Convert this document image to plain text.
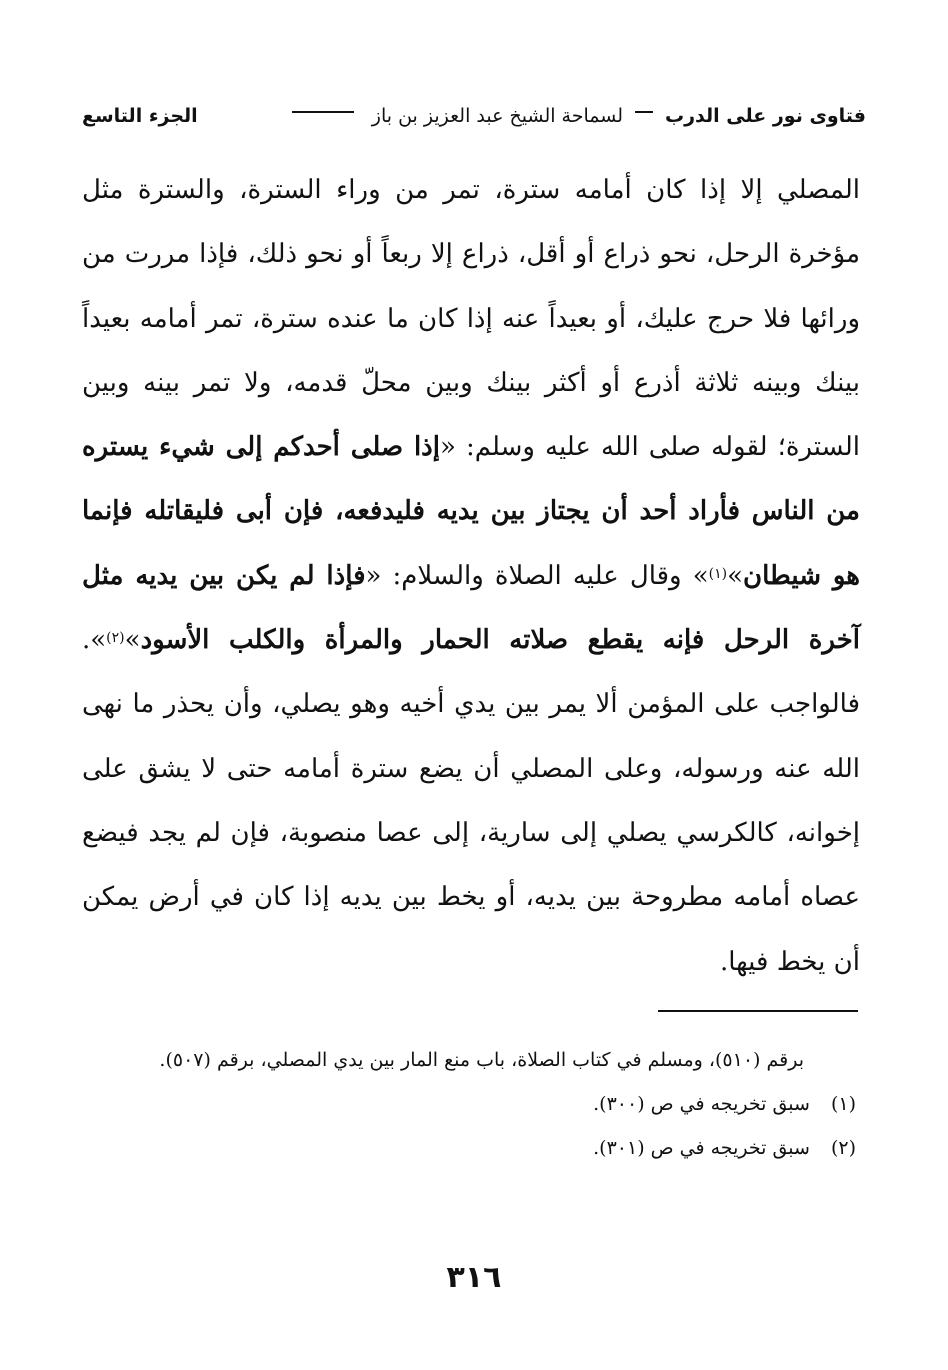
فتاوى نور على الدرب
لسماحة الشيخ عبد العزيز بن باز
الجزء التاسع
المصلي إلا إذا كان أمامه سترة، تمر من وراء السترة، والسترة مثل مؤخرة الرحل، نحو ذراع أو أقل، ذراع إلا ربعاً أو نحو ذلك، فإذا مررت من ورائها فلا حرج عليك، أو بعيداً عنه إذا كان ما عنده سترة، تمر أمامه بعيداً بينك وبينه ثلاثة أذرع أو أكثر بينك وبين محلّ قدمه، ولا تمر بينه وبين السترة؛ لقوله صلى الله عليه وسلم: «إذا صلى أحدكم إلى شيء يستره من الناس فأراد أحد أن يجتاز بين يديه فليدفعه، فإن أبى فليقاتله فإنما هو شيطان»$^{(١)}$» وقال عليه الصلاة والسلام: «فإذا لم يكن بين يديه مثل آخرة الرحل فإنه يقطع صلاته الحمار والمرأة والكلب الأسود»$^{(٢)}$». فالواجب على المؤمن ألا يمر بين يدي أخيه وهو يصلي، وأن يحذر ما نهى الله عنه ورسوله، وعلى المصلي أن يضع سترة أمامه حتى لا يشق على إخوانه، كالكرسي يصلي إلى سارية، إلى عصا منصوبة، فإن لم يجد فيضع عصاه أمامه مطروحة بين يديه، أو يخط بين يديه إذا كان في أرض يمكن أن يخط فيها.

برقم (٥١٠)، ومسلم في كتاب الصلاة، باب منع المار بين يدي المصلي، برقم (٥٠٧).

(١) سبق تخريجه في ص (٣٠٠).

(٢) سبق تخريجه في ص (٣٠١).

٣١٦
